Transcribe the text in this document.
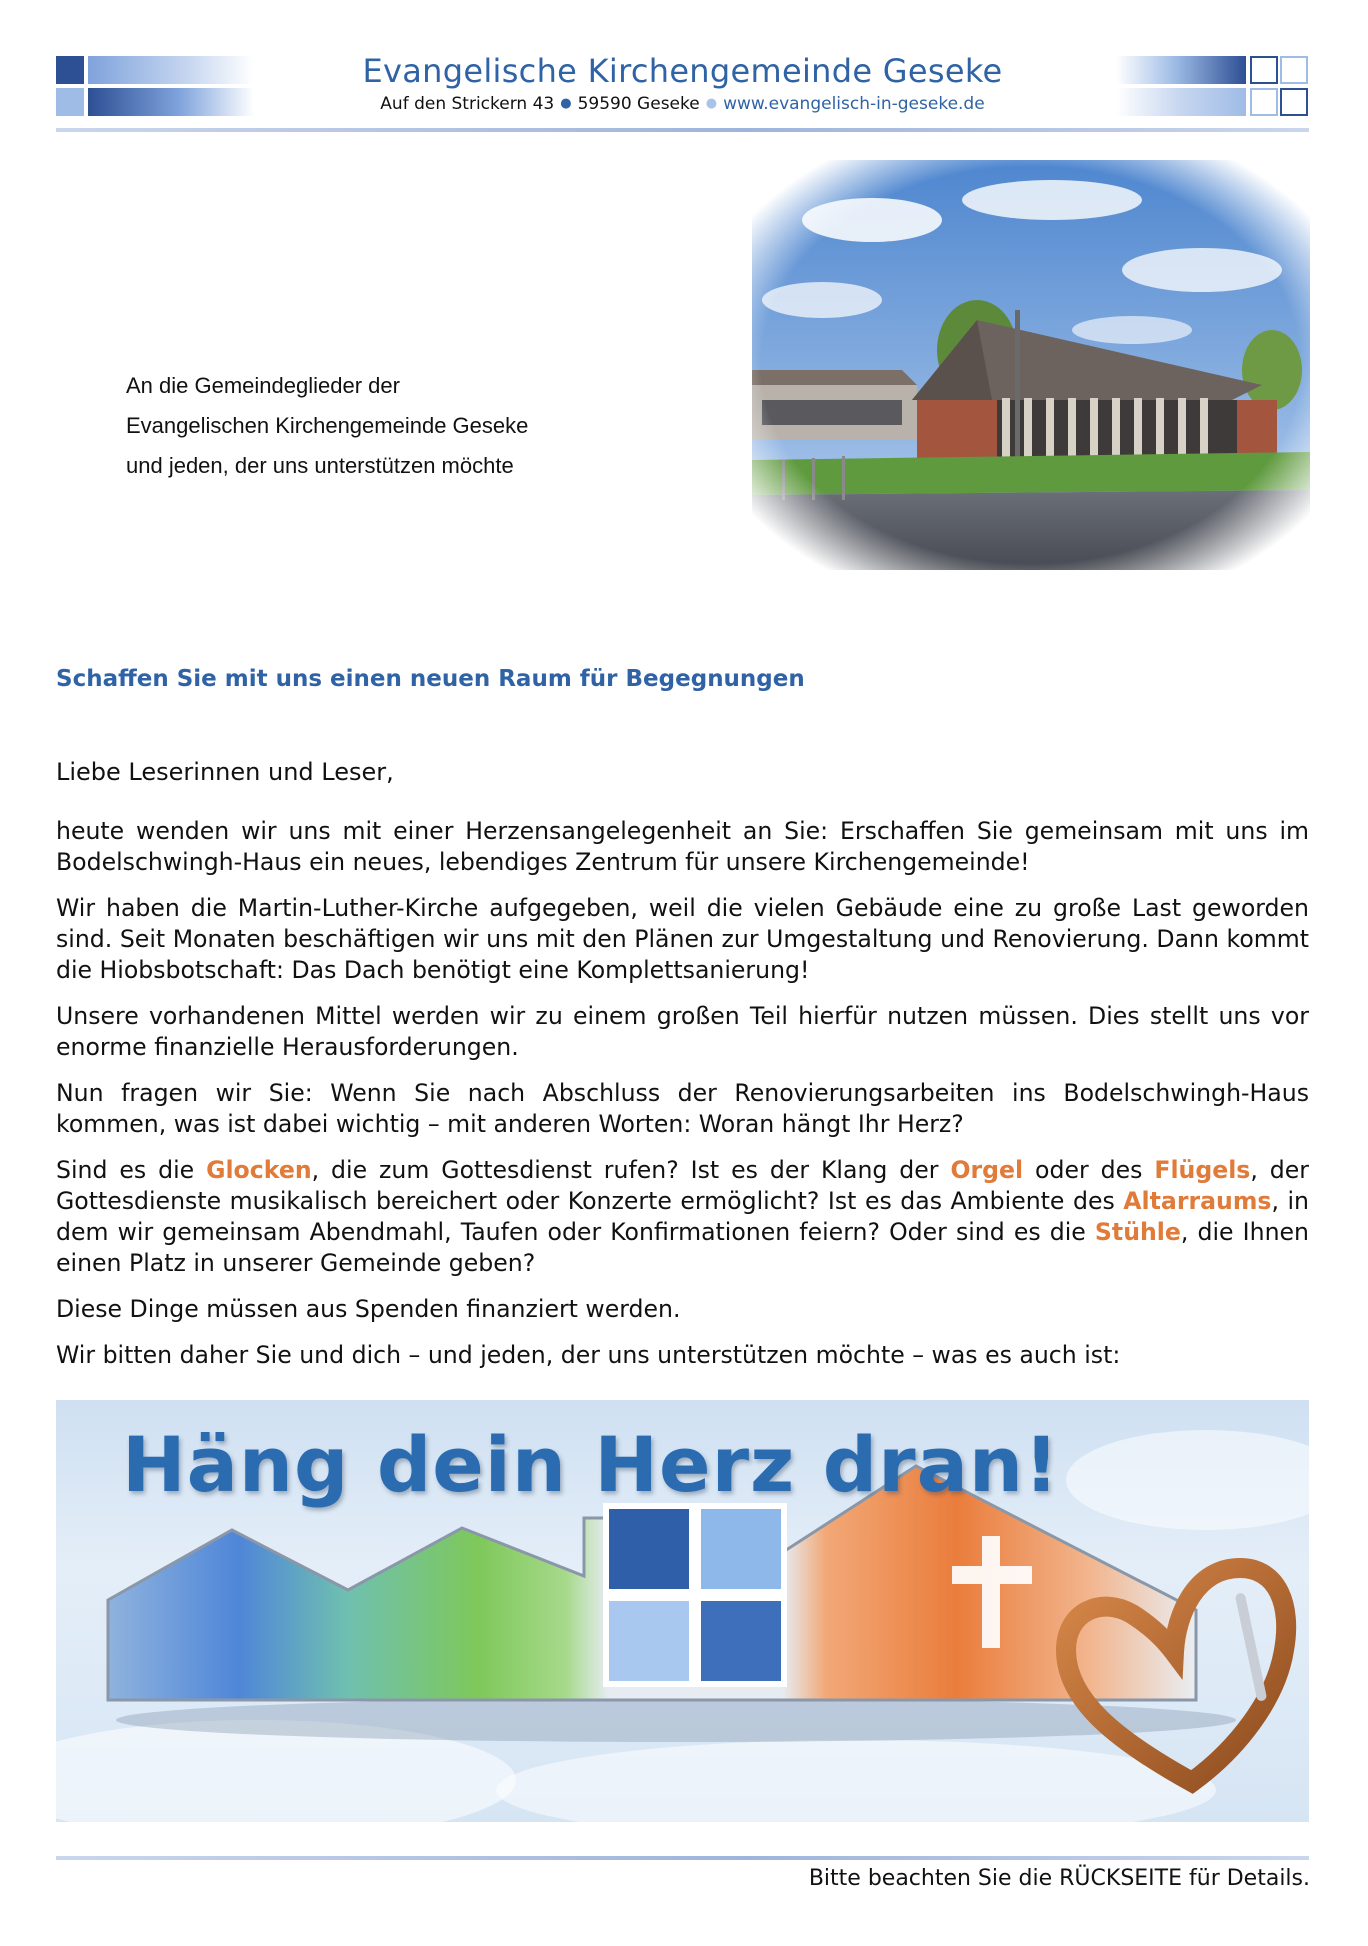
Evangelische Kirchengemeinde Geseke
Auf den Strickern 43 ● 59590 Geseke ● www.evangelisch-in-geseke.de
An die Gemeindeglieder der
Evangelischen Kirchengemeinde Geseke
und jeden, der uns unterstützen möchte
Schaffen Sie mit uns einen neuen Raum für Begegnungen
Liebe Leserinnen und Leser,

heute wenden wir uns mit einer Herzensangelegenheit an Sie: Erschaffen Sie gemeinsam mit uns im Bodelschwingh-Haus ein neues, lebendiges Zentrum für unsere Kirchengemeinde!

Wir haben die Martin-Luther-Kirche aufgegeben, weil die vielen Gebäude eine zu große Last geworden sind. Seit Monaten beschäftigen wir uns mit den Plänen zur Umgestaltung und Renovierung. Dann kommt die Hiobsbotschaft: Das Dach benötigt eine Komplettsanierung!

Unsere vorhandenen Mittel werden wir zu einem großen Teil hierfür nutzen müssen. Dies stellt uns vor enorme finanzielle Herausforderungen.

Nun fragen wir Sie: Wenn Sie nach Abschluss der Renovierungsarbeiten ins Bodelschwingh-Haus kommen, was ist dabei wichtig – mit anderen Worten: Woran hängt Ihr Herz?

Sind es die Glocken, die zum Gottesdienst rufen? Ist es der Klang der Orgel oder des Flügels, der Gottesdienste musikalisch bereichert oder Konzerte ermöglicht? Ist es das Ambiente des Altarraums, in dem wir gemeinsam Abendmahl, Taufen oder Konfirmationen feiern? Oder sind es die Stühle, die Ihnen einen Platz in unserer Gemeinde geben?

Diese Dinge müssen aus Spenden finanziert werden.

Wir bitten daher Sie und dich – und jeden, der uns unterstützen möchte – was es auch ist:

Häng dein Herz dran!
Bitte beachten Sie die RÜCKSEITE für Details.
